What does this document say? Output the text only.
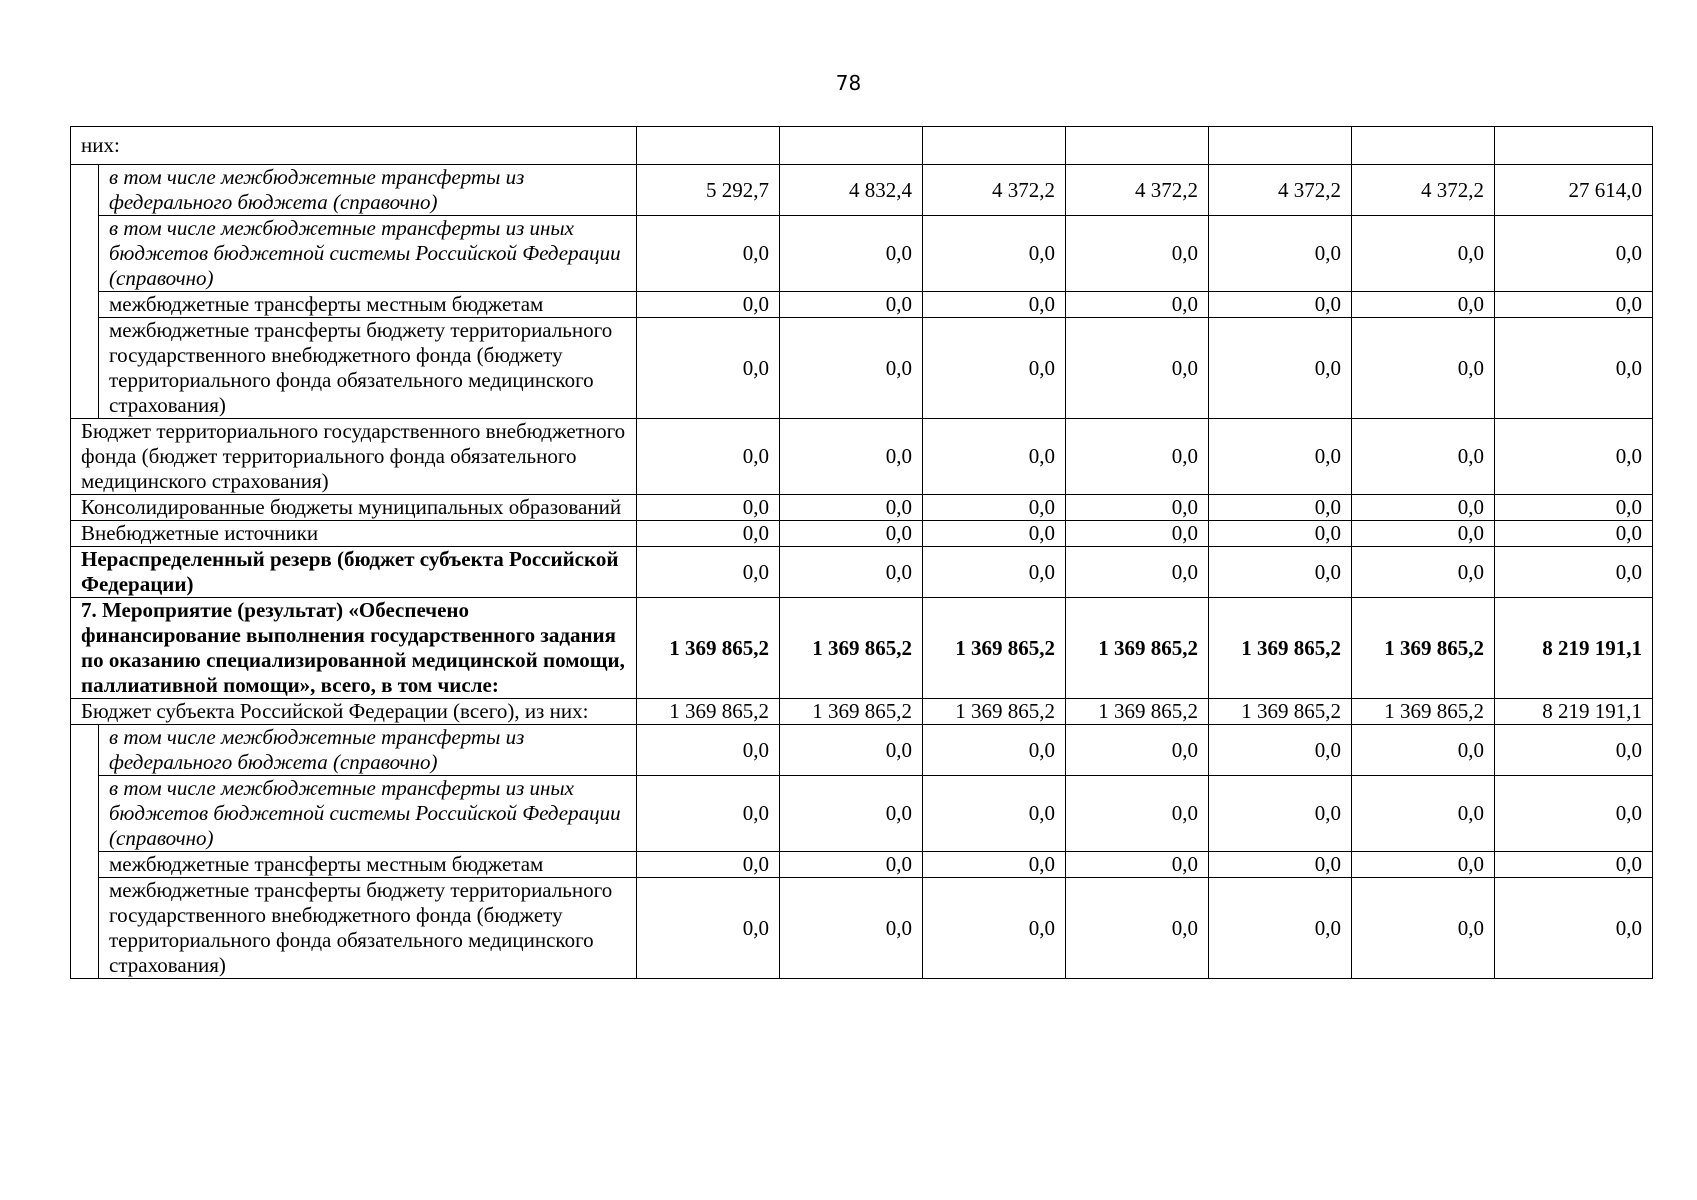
78
них:								
	в том числе межбюджетные трансферты из федерального бюджета (справочно)	5 292,7	4 832,4	4 372,2	4 372,2	4 372,2	4 372,2	27 614,0
	в том числе межбюджетные трансферты из иных бюджетов бюджетной системы Российской Федерации (справочно)	0,0	0,0	0,0	0,0	0,0	0,0	0,0
	межбюджетные трансферты местным бюджетам	0,0	0,0	0,0	0,0	0,0	0,0	0,0
	межбюджетные трансферты бюджету территориального государственного внебюджетного фонда (бюджету территориального фонда обязательного медицинского страхования)	0,0	0,0	0,0	0,0	0,0	0,0	0,0
Бюджет территориального государственного внебюджетного фонда (бюджет территориального фонда обязательного медицинского страхования)		0,0	0,0	0,0	0,0	0,0	0,0	0,0
Консолидированные бюджеты муниципальных образований		0,0	0,0	0,0	0,0	0,0	0,0	0,0
Внебюджетные источники		0,0	0,0	0,0	0,0	0,0	0,0	0,0
Нераспределенный резерв (бюджет субъекта Российской Федерации)		0,0	0,0	0,0	0,0	0,0	0,0	0,0
7. Мероприятие (результат) «Обеспечено финансирование выполнения государственного задания по оказанию специализированной медицинской помощи, паллиативной помощи», всего, в том числе:		1 369 865,2	1 369 865,2	1 369 865,2	1 369 865,2	1 369 865,2	1 369 865,2	8 219 191,1
Бюджет субъекта Российской Федерации (всего), из них:		1 369 865,2	1 369 865,2	1 369 865,2	1 369 865,2	1 369 865,2	1 369 865,2	8 219 191,1
	в том числе межбюджетные трансферты из федерального бюджета (справочно)	0,0	0,0	0,0	0,0	0,0	0,0	0,0
	в том числе межбюджетные трансферты из иных бюджетов бюджетной системы Российской Федерации (справочно)	0,0	0,0	0,0	0,0	0,0	0,0	0,0
	межбюджетные трансферты местным бюджетам	0,0	0,0	0,0	0,0	0,0	0,0	0,0
	межбюджетные трансферты бюджету территориального государственного внебюджетного фонда (бюджету территориального фонда обязательного медицинского страхования)	0,0	0,0	0,0	0,0	0,0	0,0	0,0
